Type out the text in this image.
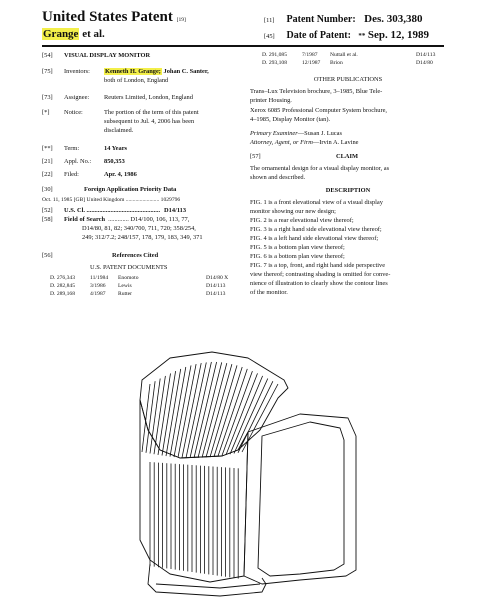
United States Patent [19]
Grange et al.
[11] Patent Number: Des. 303,380
[45] Date of Patent: ** Sep. 12, 1989
[54] VISUAL DISPLAY MONITOR
[75] Inventors: Kenneth H. Grange; Johan C. Santer,
both of London, England
[73] Assignee: Reuters Limited, London, England
[*] Notice:	The portion of the term of this patent
subsequent to Jul. 4, 2006 has been
disclaimed.
[**] Term:	14 Years
[21] Appl. No.: 850,353
[22] Filed:	Apr. 4, 1986
[30]	Foreign Application Priority Data
Oct. 11, 1985 [GB] United Kingdom ........................ 1029796
[52] U.S. Cl. .............................................. D14/113
[58] Field of Search ............. D14/100, 106, 113, 77,
D14/80, 81, 82; 340/700, 711, 720; 358/254,
249; 312/7.2; 248/157, 178, 179, 183, 349, 371
[56]	References Cited
U.S. PATENT DOCUMENTS
D. 276,343	11/1984 Enomoto	D14/80 X
D. 282,845	3/1986 Lewis	D14/113
D. 289,168	4/1987 Rutter	D14/113
D. 291,085	7/1987 Nuttall et al.	D14/113
D. 293,108	12/1987 Brion	D14/80
OTHER PUBLICATIONS
Trans–Lux Television brochure, 3–1985, Blue Tele-
printer Housing.
Xerox 6085 Professional Computer System brochure,
4–1985, Display Monitor (tan).
Primary Examiner—Susan J. Lucas
Attorney, Agent, or Firm—Irvin A. Lavine
[57]	CLAIM
The ornamental design for a visual display monitor, as
shown and described.
DESCRIPTION
FIG. 1 is a front elevational view of a visual display
monitor showing our new design;
FIG. 2 is a rear elevational view thereof;
FIG. 3 is a right hand side elevational view thereof;
FIG. 4 is a left hand side elevational view thereof;
FIG. 5 is a bottom plan view thereof;
FIG. 6 is a bottom plan view thereof;
FIG. 7 is a top, front, and right hand side perspective
view thereof; contrasting shading is omitted for conve-
nience of illustration to clearly show the contour lines
of the monitor.
